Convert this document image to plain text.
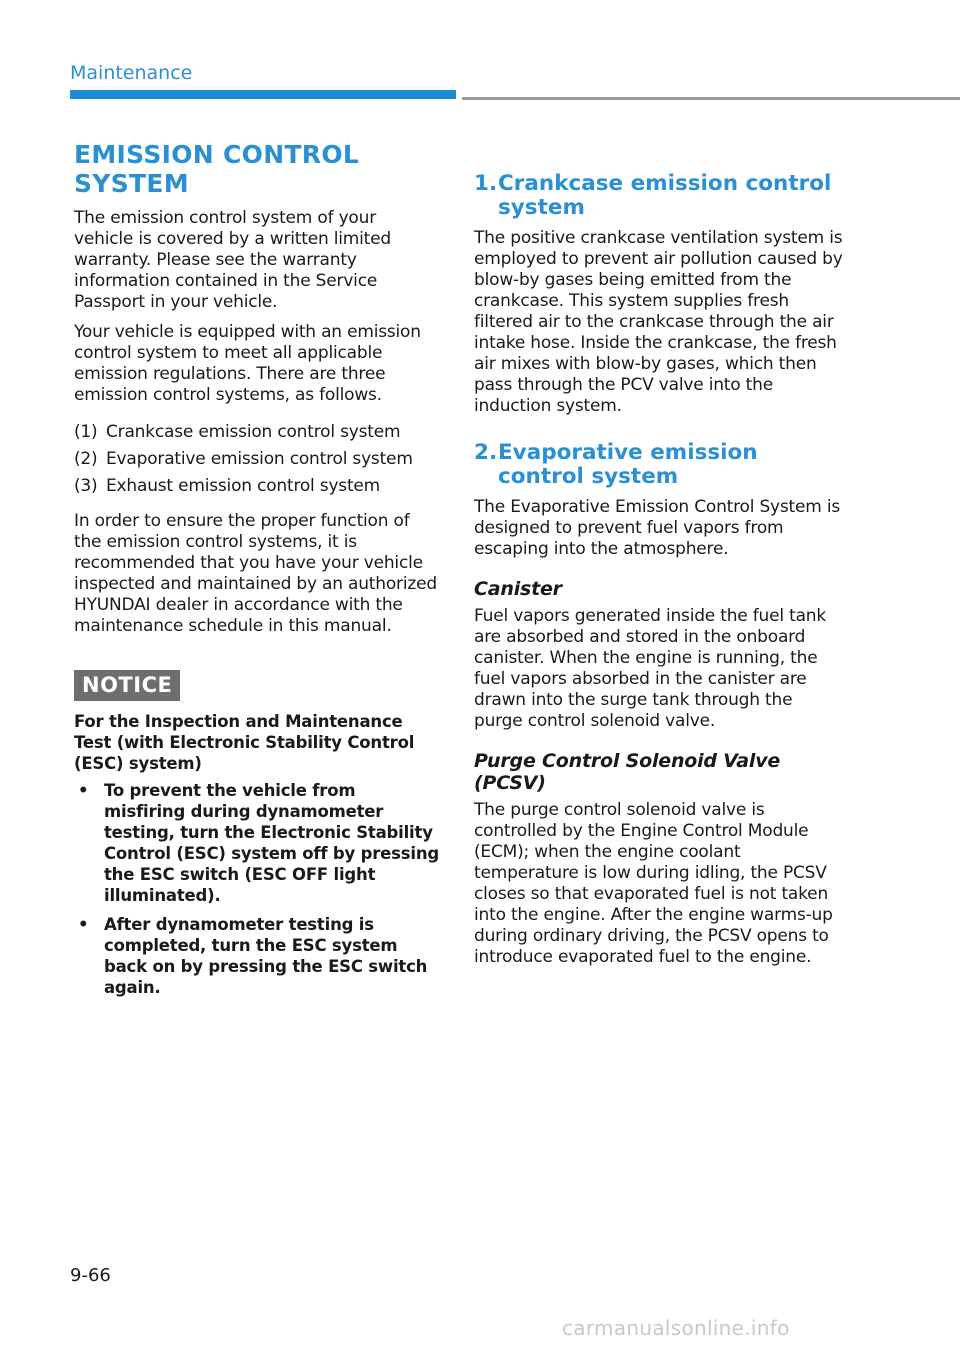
Maintenance
EMISSION CONTROL SYSTEM

The emission control system of your vehicle is covered by a written limited warranty. Please see the warranty information contained in the Service Passport in your vehicle.

Your vehicle is equipped with an emission control system to meet all applicable emission regulations. There are three emission control systems, as follows.

(1) Crankcase emission control system
(2) Evaporative emission control system
(3) Exhaust emission control system

In order to ensure the proper function of the emission control systems, it is recommended that you have your vehicle inspected and maintained by an authorized HYUNDAI dealer in accordance with the maintenance schedule in this manual.

NOTICE

For the Inspection and Maintenance Test (with Electronic Stability Control (ESC) system)

• To prevent the vehicle from misfiring during dynamometer testing, turn the Electronic Stability Control (ESC) system off by pressing the ESC switch (ESC OFF light illuminated).
• After dynamometer testing is completed, turn the ESC system back on by pressing the ESC switch again.
1. Crankcase emission control system

The positive crankcase ventilation system is employed to prevent air pollution caused by blow-by gases being emitted from the crankcase. This system supplies fresh filtered air to the crankcase through the air intake hose. Inside the crankcase, the fresh air mixes with blow-by gases, which then pass through the PCV valve into the induction system.

2. Evaporative emission control system

The Evaporative Emission Control System is designed to prevent fuel vapors from escaping into the atmosphere.

Canister

Fuel vapors generated inside the fuel tank are absorbed and stored in the onboard canister. When the engine is running, the fuel vapors absorbed in the canister are drawn into the surge tank through the purge control solenoid valve.

Purge Control Solenoid Valve (PCSV)

The purge control solenoid valve is controlled by the Engine Control Module (ECM); when the engine coolant temperature is low during idling, the PCSV closes so that evaporated fuel is not taken into the engine. After the engine warms-up during ordinary driving, the PCSV opens to introduce evaporated fuel to the engine.

9-66
carmanualsonline.info
